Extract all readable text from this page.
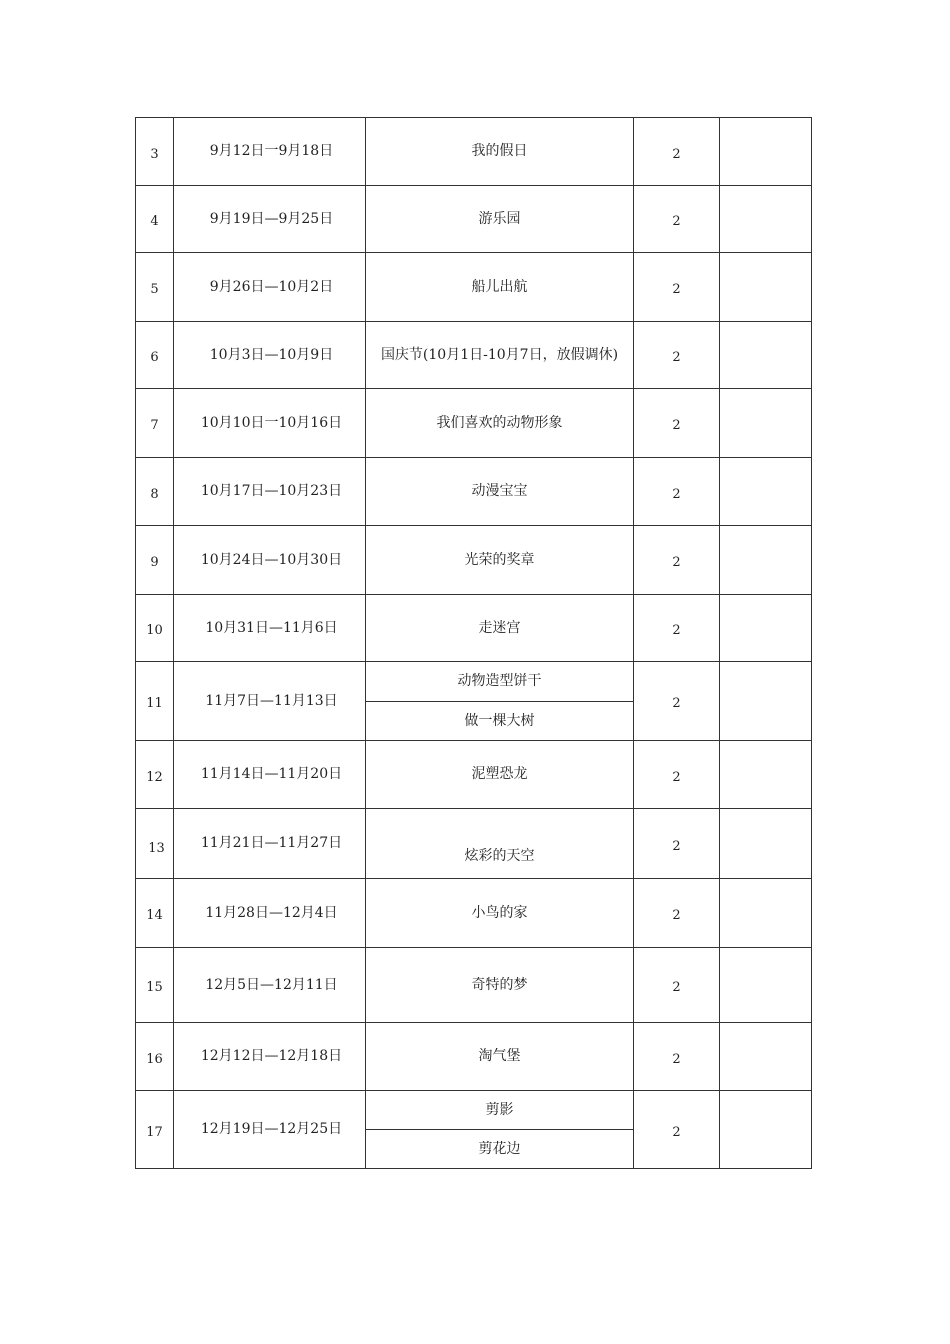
3	9月12日一9月18日	我的假日	2	
4	9月19日—9月25日	游乐园	2	
5	9月26日—10月2日	船儿出航	2	
6	10月3日—10月9日	国庆节(10月1日-10月7日，放假调休)	2	
7	10月10日一10月16日	我们喜欢的动物形象	2	
8	10月17日—10月23日	动漫宝宝	2	
9	10月24日—10月30日	光荣的奖章	2	
10	10月31日—11月6日	走迷宫	2	
11	11月7日—11月13日	动物造型饼干	2	
		做一棵大树		
12	11月14日—11月20日	泥塑恐龙	2	
13	11月21日—11月27日	炫彩的天空	2	
14	11月28日—12月4日	小鸟的家	2	
15	12月5日—12月11日	奇特的梦	2	
16	12月12日—12月18日	淘气堡	2	
17	12月19日—12月25日	剪影	2	
		剪花边		
